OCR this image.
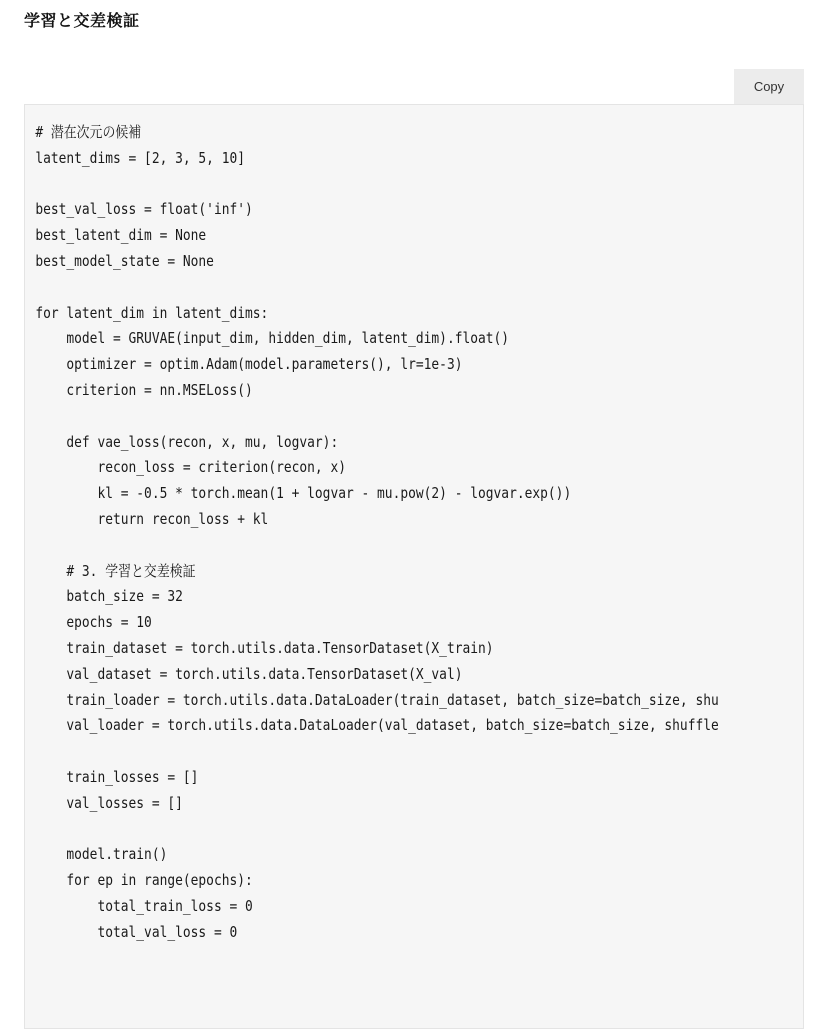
学習と交差検証
Copy
# 潜在次元の候補
latent_dims = [2, 3, 5, 10]
best_val_loss = float('inf')
best_latent_dim = None
best_model_state = None
for latent_dim in latent_dims:
model = GRUVAE(input_dim, hidden_dim, latent_dim).float()
optimizer = optim.Adam(model.parameters(), lr=1e-3)
criterion = nn.MSELoss()
def vae_loss(recon, x, mu, logvar):
recon_loss = criterion(recon, x)
kl = -0.5 * torch.mean(1 + logvar - mu.pow(2) - logvar.exp())
return recon_loss + kl
# 3. 学習と交差検証
batch_size = 32
epochs = 10
train_dataset = torch.utils.data.TensorDataset(X_train)
val_dataset = torch.utils.data.TensorDataset(X_val)
train_loader = torch.utils.data.DataLoader(train_dataset, batch_size=batch_size, shu
val_loader = torch.utils.data.DataLoader(val_dataset, batch_size=batch_size, shuffle
train_losses = []
val_losses = []
model.train()
for ep in range(epochs):
total_train_loss = 0
total_val_loss = 0
